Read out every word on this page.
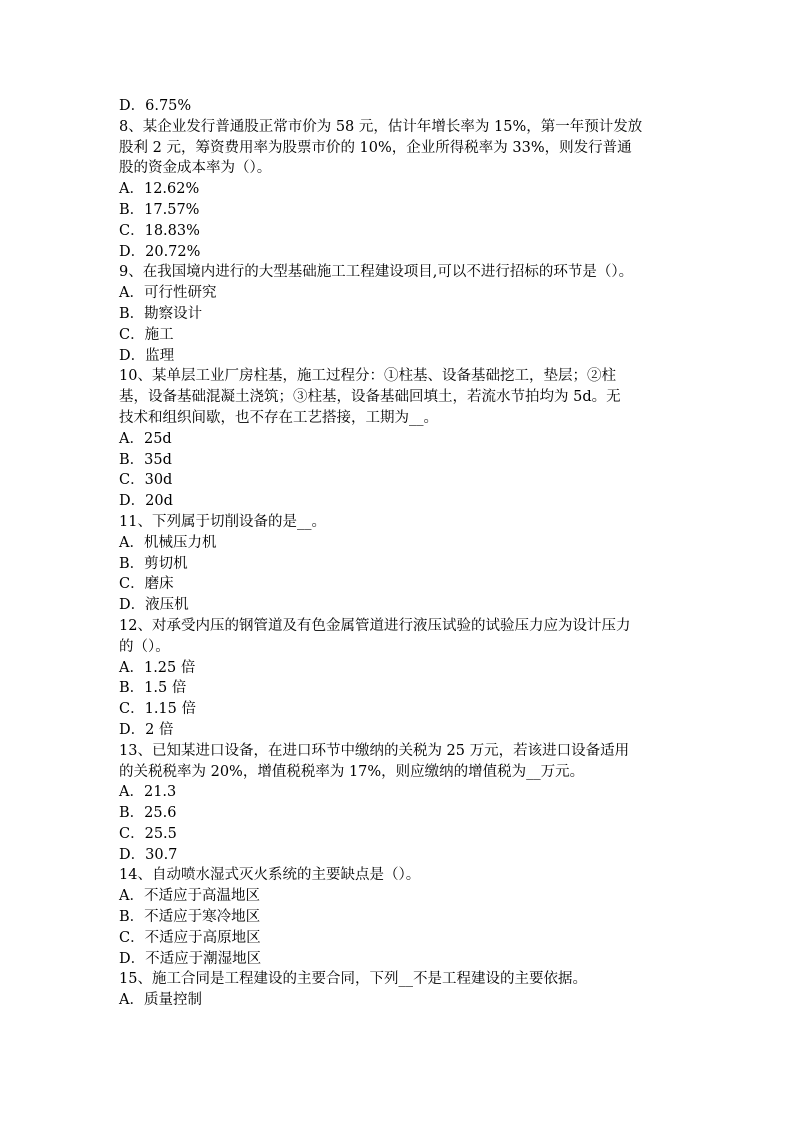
D．6.75%
8、某企业发行普通股正常市价为 58 元，估计年增长率为 15%，第一年预计发放
股利 2 元，筹资费用率为股票市价的 10%，企业所得税率为 33%，则发行普通
股的资金成本率为（）。
A．12.62%
B．17.57%
C．18.83%
D．20.72%
9、在我国境内进行的大型基础施工工程建设项目,可以不进行招标的环节是（）。
A．可行性研究
B．勘察设计
C．施工
D．监理
10、某单层工业厂房柱基，施工过程分：①柱基、设备基础挖工，垫层；②柱
基，设备基础混凝土浇筑；③柱基，设备基础回填土，若流水节拍均为 5d。无
技术和组织间歇，也不存在工艺搭接，工期为__。
A．25d
B．35d
C．30d
D．20d
11、下列属于切削设备的是__。
A．机械压力机
B．剪切机
C．磨床
D．液压机
12、对承受内压的钢管道及有色金属管道进行液压试验的试验压力应为设计压力
的（）。
A．1.25 倍
B．1.5 倍
C．1.15 倍
D．2 倍
13、已知某进口设备，在进口环节中缴纳的关税为 25 万元，若该进口设备适用
的关税税率为 20%，增值税税率为 17%，则应缴纳的增值税为__万元。
A．21.3
B．25.6
C．25.5
D．30.7
14、自动喷水湿式灭火系统的主要缺点是（）。
A．不适应于高温地区
B．不适应于寒冷地区
C．不适应于高原地区
D．不适应于潮湿地区
15、施工合同是工程建设的主要合同，下列__不是工程建设的主要依据。
A．质量控制
